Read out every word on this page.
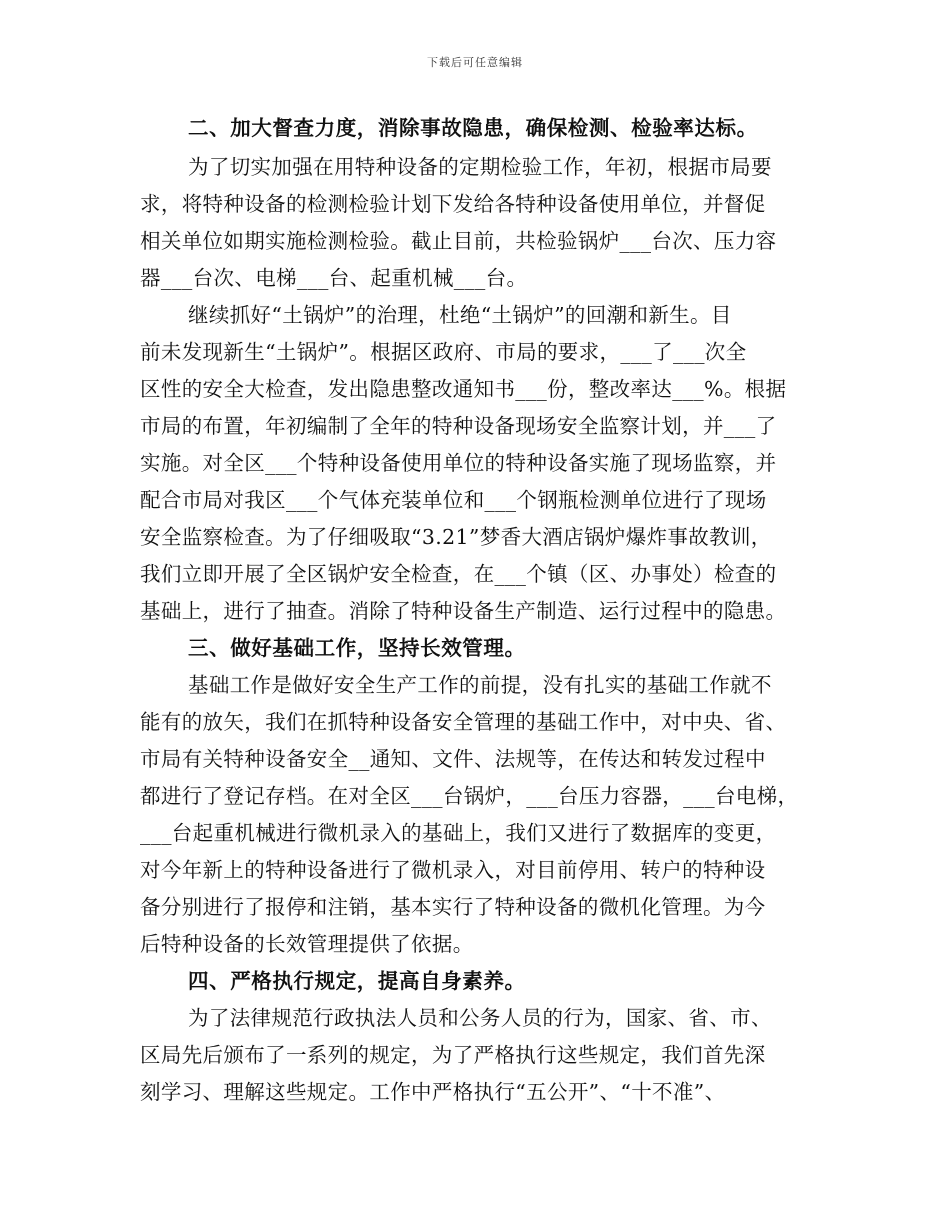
下载后可任意编辑
二、加大督查力度，消除事故隐患，确保检测、检验率达标。
为了切实加强在用特种设备的定期检验工作，年初，根据市局要
求，将特种设备的检测检验计划下发给各特种设备使用单位，并督促
相关单位如期实施检测检验。截止目前，共检验锅炉___台次、压力容
器___台次、电梯___台、起重机械___台。
继续抓好“土锅炉”的治理，杜绝“土锅炉”的回潮和新生。目
前未发现新生“土锅炉”。根据区政府、市局的要求，___了___次全
区性的安全大检查，发出隐患整改通知书___份，整改率达___%。根据
市局的布置，年初编制了全年的特种设备现场安全监察计划，并___了
实施。对全区___个特种设备使用单位的特种设备实施了现场监察，并
配合市局对我区___个气体充装单位和___个钢瓶检测单位进行了现场
安全监察检查。为了仔细吸取“3.21”梦香大酒店锅炉爆炸事故教训，
我们立即开展了全区锅炉安全检查，在___个镇（区、办事处）检查的
基础上，进行了抽查。消除了特种设备生产制造、运行过程中的隐患。
三、做好基础工作，坚持长效管理。
基础工作是做好安全生产工作的前提，没有扎实的基础工作就不
能有的放矢，我们在抓特种设备安全管理的基础工作中，对中央、省、
市局有关特种设备安全__通知、文件、法规等，在传达和转发过程中
都进行了登记存档。在对全区___台锅炉，___台压力容器，___台电梯，
___台起重机械进行微机录入的基础上，我们又进行了数据库的变更，
对今年新上的特种设备进行了微机录入，对目前停用、转户的特种设
备分别进行了报停和注销，基本实行了特种设备的微机化管理。为今
后特种设备的长效管理提供了依据。
四、严格执行规定，提高自身素养。
为了法律规范行政执法人员和公务人员的行为，国家、省、市、
区局先后颁布了一系列的规定，为了严格执行这些规定，我们首先深
刻学习、理解这些规定。工作中严格执行“五公开”、“十不准”、
